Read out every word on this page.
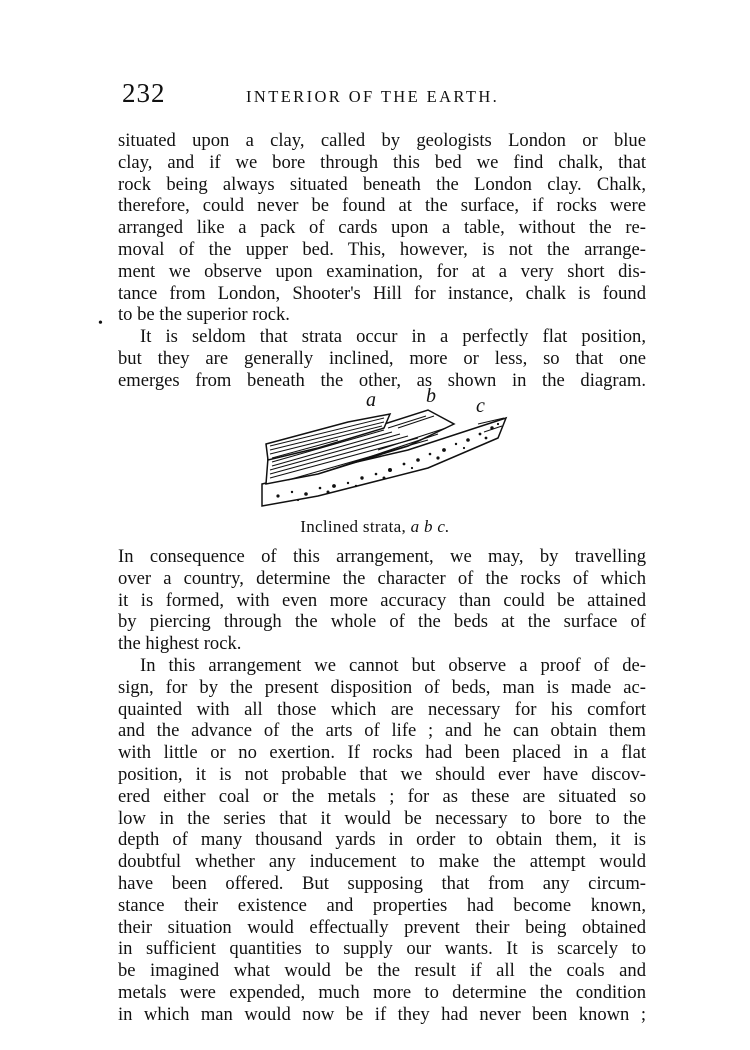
232	INTERIOR OF THE EARTH.
situated upon a clay, called by geologists London or blue
clay, and if we bore through this bed we find chalk, that
rock being always situated beneath the London clay. Chalk,
therefore, could never be found at the surface, if rocks were
arranged like a pack of cards upon a table, without the re-
moval of the upper bed. This, however, is not the arrange-
ment we observe upon examination, for at a very short dis-
tance from London, Shooter's Hill for instance, chalk is found
to be the superior rock.
It is seldom that strata occur in a perfectly flat position,
but they are generally inclined, more or less, so that one
emerges from beneath the other, as shown in the diagram.
•
a	b c
Inclined strata, a b c.
In consequence of this arrangement, we may, by travelling
over a country, determine the character of the rocks of which
it is formed, with even more accuracy than could be attained
by piercing through the whole of the beds at the surface of
the highest rock.
In this arrangement we cannot but observe a proof of de-
sign, for by the present disposition of beds, man is made ac-
quainted with all those which are necessary for his comfort
and the advance of the arts of life ; and he can obtain them
with little or no exertion. If rocks had been placed in a flat
position, it is not probable that we should ever have discov-
ered either coal or the metals ; for as these are situated so
low in the series that it would be necessary to bore to the
depth of many thousand yards in order to obtain them, it is
doubtful whether any inducement to make the attempt would
have been offered. But supposing that from any circum-
stance their existence and properties had become known,
their situation would effectually prevent their being obtained
in sufficient quantities to supply our wants. It is scarcely to
be imagined what would be the result if all the coals and
metals were expended, much more to determine the condition
in which man would now be if they had never been known ;
